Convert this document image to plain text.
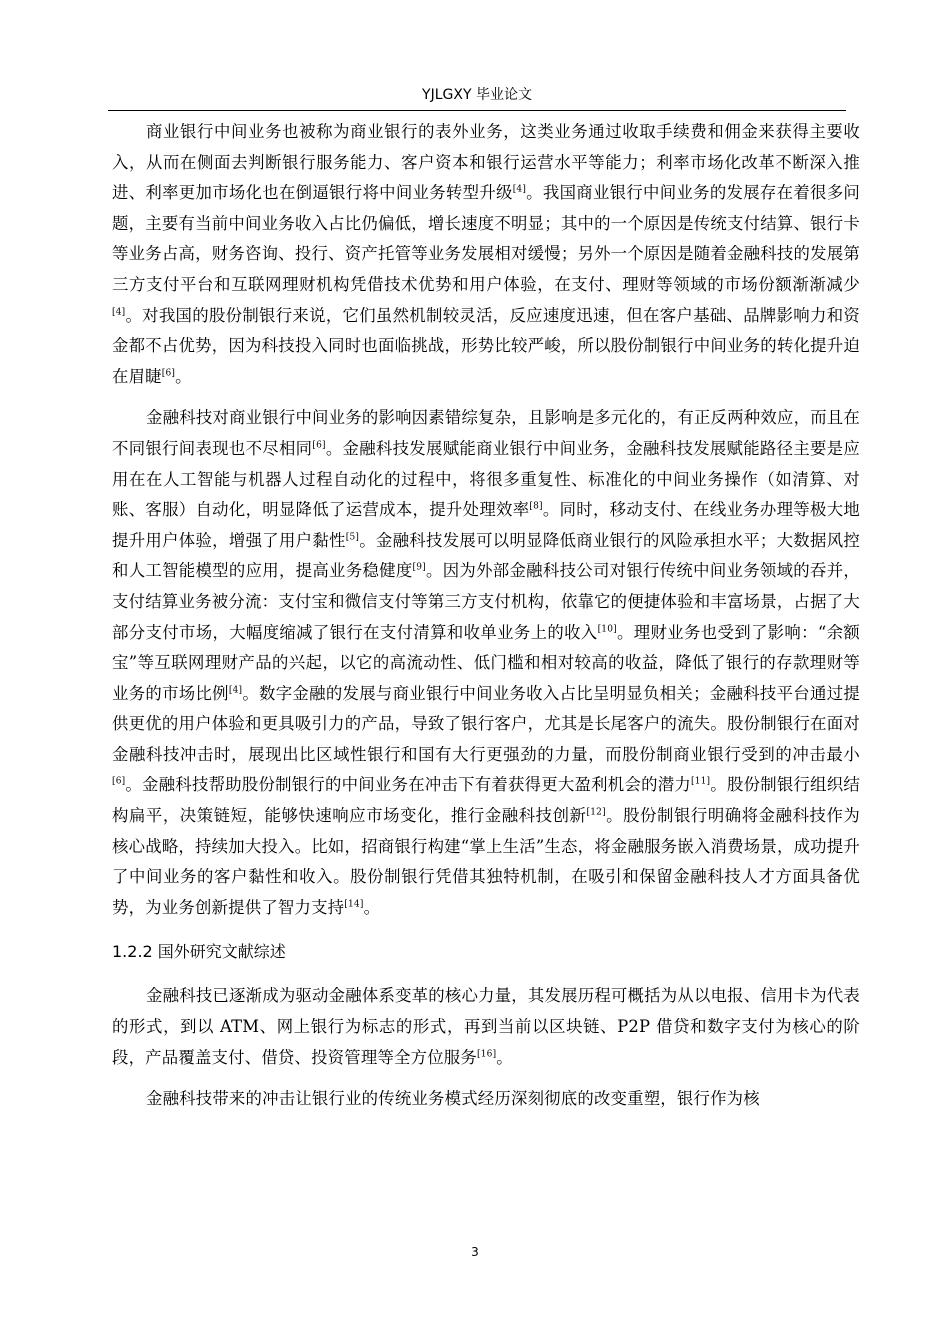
YJLGXY 毕业论文

商业银行中间业务也被称为商业银行的表外业务，这类业务通过收取手续费和佣金来获得主要收入，从而在侧面去判断银行服务能力、客户资本和银行运营水平等能力；利率市场化改革不断深入推进、利率更加市场化也在倒逼银行将中间业务转型升级[4]。我国商业银行中间业务的发展存在着很多问题，主要有当前中间业务收入占比仍偏低，增长速度不明显；其中的一个原因是传统支付结算、银行卡等业务占高，财务咨询、投行、资产托管等业务发展相对缓慢；另外一个原因是随着金融科技的发展第三方支付平台和互联网理财机构凭借技术优势和用户体验，在支付、理财等领域的市场份额渐渐减少[4]。对我国的股份制银行来说，它们虽然机制较灵活，反应速度迅速，但在客户基础、品牌影响力和资金都不占优势，因为科技投入同时也面临挑战，形势比较严峻，所以股份制银行中间业务的转化提升迫在眉睫[6]。

金融科技对商业银行中间业务的影响因素错综复杂，且影响是多元化的，有正反两种效应，而且在不同银行间表现也不尽相同[6]。金融科技发展赋能商业银行中间业务，金融科技发展赋能路径主要是应用在在人工智能与机器人过程自动化的过程中，将很多重复性、标准化的中间业务操作（如清算、对账、客服）自动化，明显降低了运营成本，提升处理效率[8]。同时，移动支付、在线业务办理等极大地提升用户体验，增强了用户黏性[5]。金融科技发展可以明显降低商业银行的风险承担水平；大数据风控和人工智能模型的应用，提高业务稳健度[9]。因为外部金融科技公司对银行传统中间业务领域的吞并，支付结算业务被分流：支付宝和微信支付等第三方支付机构，依靠它的便捷体验和丰富场景，占据了大部分支付市场，大幅度缩减了银行在支付清算和收单业务上的收入[10]。理财业务也受到了影响：“余额宝”等互联网理财产品的兴起，以它的高流动性、低门槛和相对较高的收益，降低了银行的存款理财等业务的市场比例[4]。数字金融的发展与商业银行中间业务收入占比呈明显负相关；金融科技平台通过提供更优的用户体验和更具吸引力的产品，导致了银行客户，尤其是长尾客户的流失。股份制银行在面对金融科技冲击时，展现出比区域性银行和国有大行更强劲的力量，而股份制商业银行受到的冲击最小[6]。金融科技帮助股份制银行的中间业务在冲击下有着获得更大盈利机会的潜力[11]。股份制银行组织结构扁平，决策链短，能够快速响应市场变化，推行金融科技创新[12]。股份制银行明确将金融科技作为核心战略，持续加大投入。比如，招商银行构建“掌上生活”生态，将金融服务嵌入消费场景，成功提升了中间业务的客户黏性和收入。股份制银行凭借其独特机制，在吸引和保留金融科技人才方面具备优势，为业务创新提供了智力支持[14]。

1.2.2 国外研究文献综述

金融科技已逐渐成为驱动金融体系变革的核心力量，其发展历程可概括为从以电报、信用卡为代表的形式，到以 ATM、网上银行为标志的形式，再到当前以区块链、P2P 借贷和数字支付为核心的阶段，产品覆盖支付、借贷、投资管理等全方位服务[16]。

金融科技带来的冲击让银行业的传统业务模式经历深刻彻底的改变重塑，银行作为核

3
